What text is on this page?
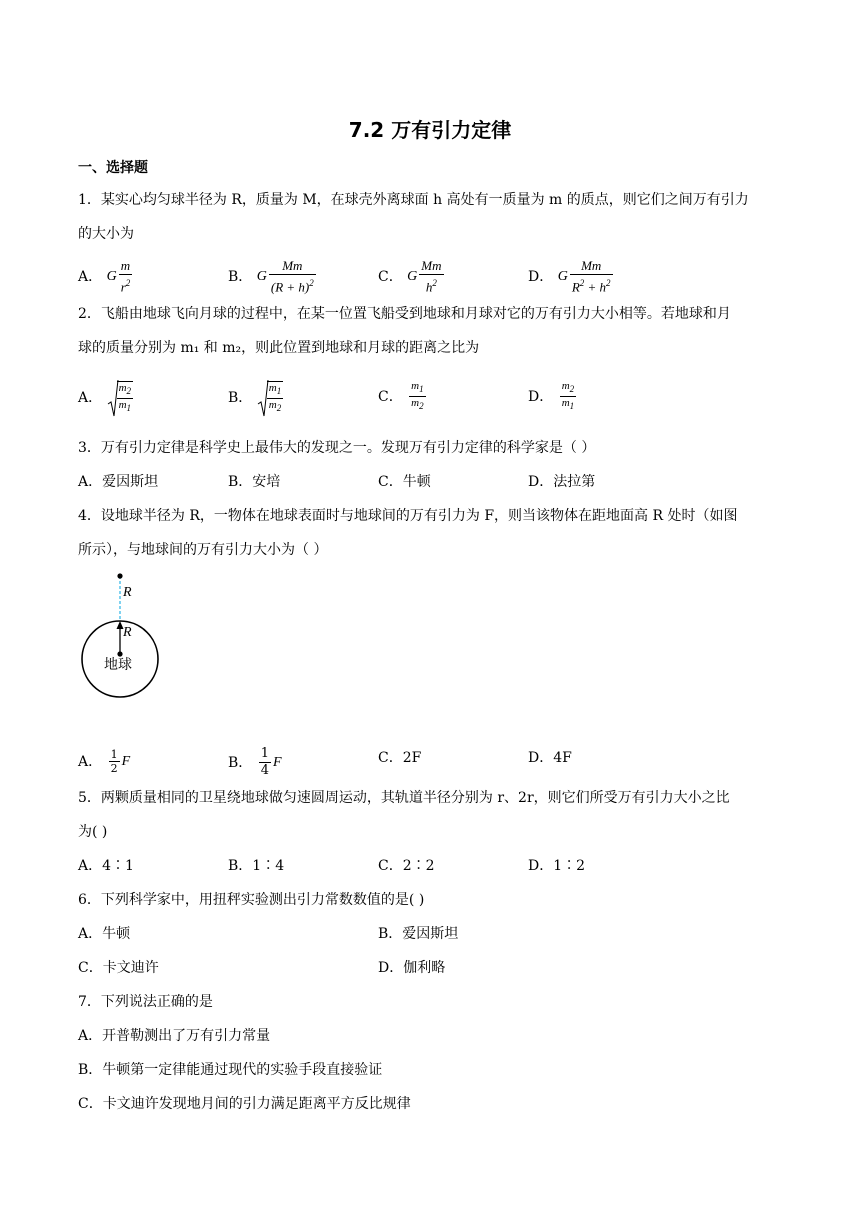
7.2 万有引力定律
一、选择题
1．某实心均匀球半径为 R，质量为 M，在球壳外离球面 h 高处有一质量为 m 的质点，则它们之间万有引力
的大小为
A． G $\frac{m}{r^2}$	B． G $\frac{Mm}{(R + h)^2}$	C． G $\frac{Mm}{h^2}$	D． G $\frac{Mm}{R^2 + h^2}$
2．飞船由地球飞向月球的过程中，在某一位置飞船受到地球和月球对它的万有引力大小相等。若地球和月
球的质量分别为 m₁ 和 m₂，则此位置到地球和月球的距离之比为
A． $\frac{m_2}{m_1}$	B． $\frac{m_1}{m_2}$	C． $\frac{m_1}{m_2}$	D． $\frac{m_2}{m_1}$
3．万有引力定律是科学史上最伟大的发现之一。发现万有引力定律的科学家是（ ）
A．爱因斯坦	B．安培	C．牛顿	D．法拉第
4．设地球半径为 R，一物体在地球表面时与地球间的万有引力为 F，则当该物体在距地面高 R 处时（如图
所示），与地球间的万有引力大小为（ ）
R
R
地球
A． $\frac{1}{2}$ F	B． $\frac{1}{4}$ F	C．2F	D．4F
5．两颗质量相同的卫星绕地球做匀速圆周运动，其轨道半径分别为 r、2r，则它们所受万有引力大小之比
为( )
A．4∶1	B．1∶4	C．2∶2	D．1∶2
6．下列科学家中，用扭秤实验测出引力常数数值的是( )
A．牛顿	B．爱因斯坦
C．卡文迪许	D．伽利略
7．下列说法正确的是
A．开普勒测出了万有引力常量
B．牛顿第一定律能通过现代的实验手段直接验证
C．卡文迪许发现地月间的引力满足距离平方反比规律
